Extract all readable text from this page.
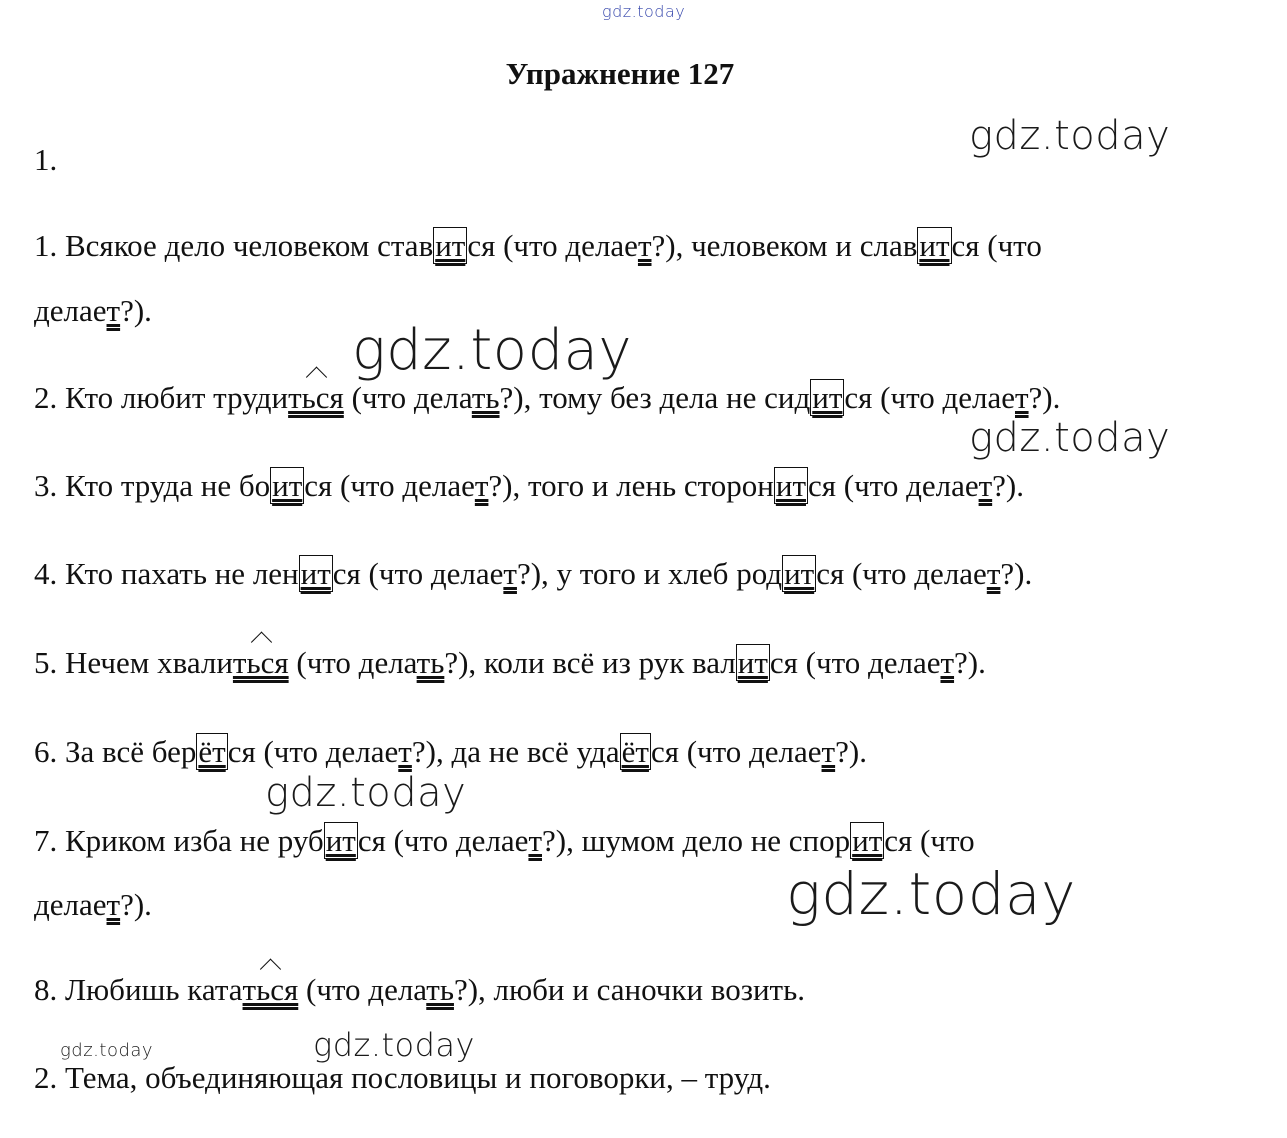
gdz.today
gdz.today
gdz.today
gdz.today
gdz.today
gdz.today
gdz.today	gdz.today
Упражнение 127
1.
1. Всякое дело человеком ставится (что делает?), человеком и славится (что
делает?).
2. Кто любит трудиться (что делать?), тому без дела не сидится (что делает?).
3. Кто труда не боится (что делает?), того и лень сторонится (что делает?).
4. Кто пахать не ленится (что делает?), у того и хлеб родится (что делает?).
5. Нечем хвалиться (что делать?), коли всё из рук валится (что делает?).
6. За всё берётся (что делает?), да не всё удаётся (что делает?).
7. Криком изба не рубится (что делает?), шумом дело не спорится (что
делает?).
8. Любишь кататься (что делать?), люби и саночки возить.
2. Тема, объединяющая пословицы и поговорки, – труд.
